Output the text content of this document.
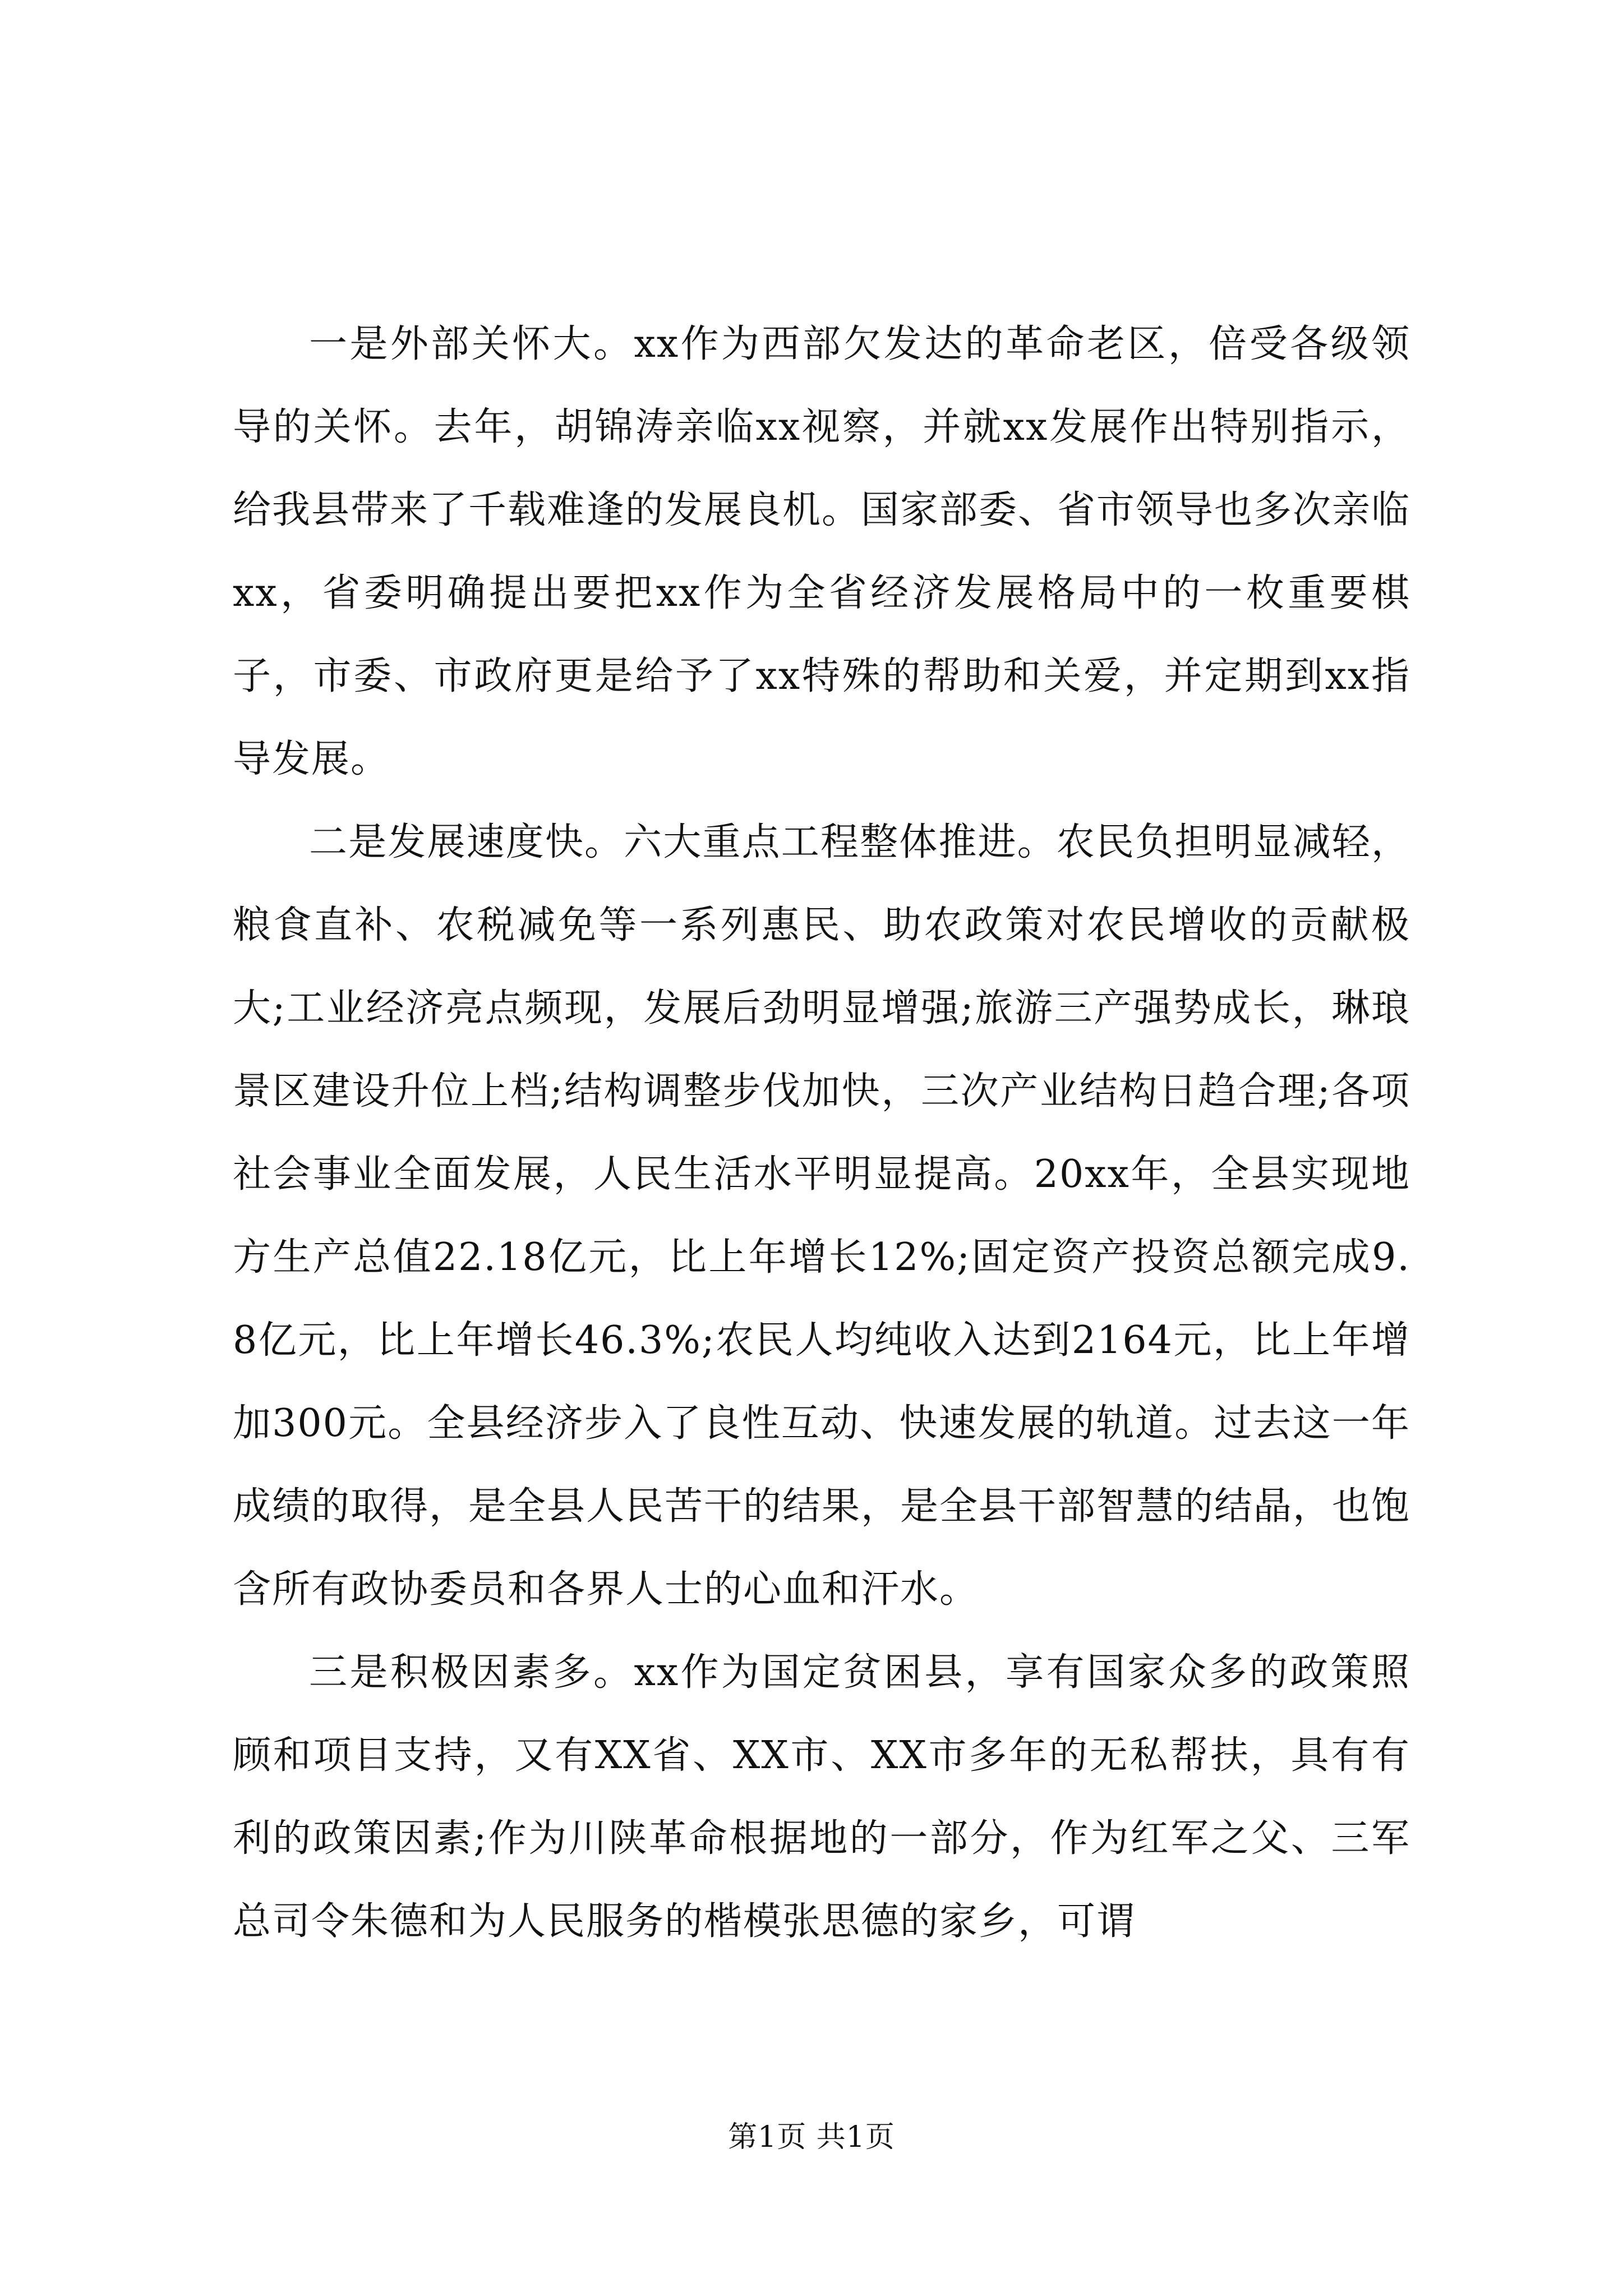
一是外部关怀大。xx作为西部欠发达的革命老区，倍受各级领导的关怀。去年，胡锦涛亲临xx视察，并就xx发展作出特别指示，给我县带来了千载难逢的发展良机。国家部委、省市领导也多次亲临xx，省委明确提出要把xx作为全省经济发展格局中的一枚重要棋子，市委、市政府更是给予了xx特殊的帮助和关爱，并定期到xx指导发展。

二是发展速度快。六大重点工程整体推进。农民负担明显减轻，粮食直补、农税减免等一系列惠民、助农政策对农民增收的贡献极大;工业经济亮点频现，发展后劲明显增强;旅游三产强势成长，琳琅景区建设升位上档;结构调整步伐加快，三次产业结构日趋合理;各项社会事业全面发展，人民生活水平明显提高。20xx年，全县实现地方生产总值22.18亿元，比上年增长12%;固定资产投资总额完成9.8亿元，比上年增长46.3%;农民人均纯收入达到2164元，比上年增加300元。全县经济步入了良性互动、快速发展的轨道。过去这一年成绩的取得，是全县人民苦干的结果，是全县干部智慧的结晶，也饱含所有政协委员和各界人士的心血和汗水。

三是积极因素多。xx作为国定贫困县，享有国家众多的政策照顾和项目支持，又有XX省、XX市、XX市多年的无私帮扶，具有有利的政策因素;作为川陕革命根据地的一部分，作为红军之父、三军总司令朱德和为人民服务的楷模张思德的家乡，可谓

第1页 共1页
